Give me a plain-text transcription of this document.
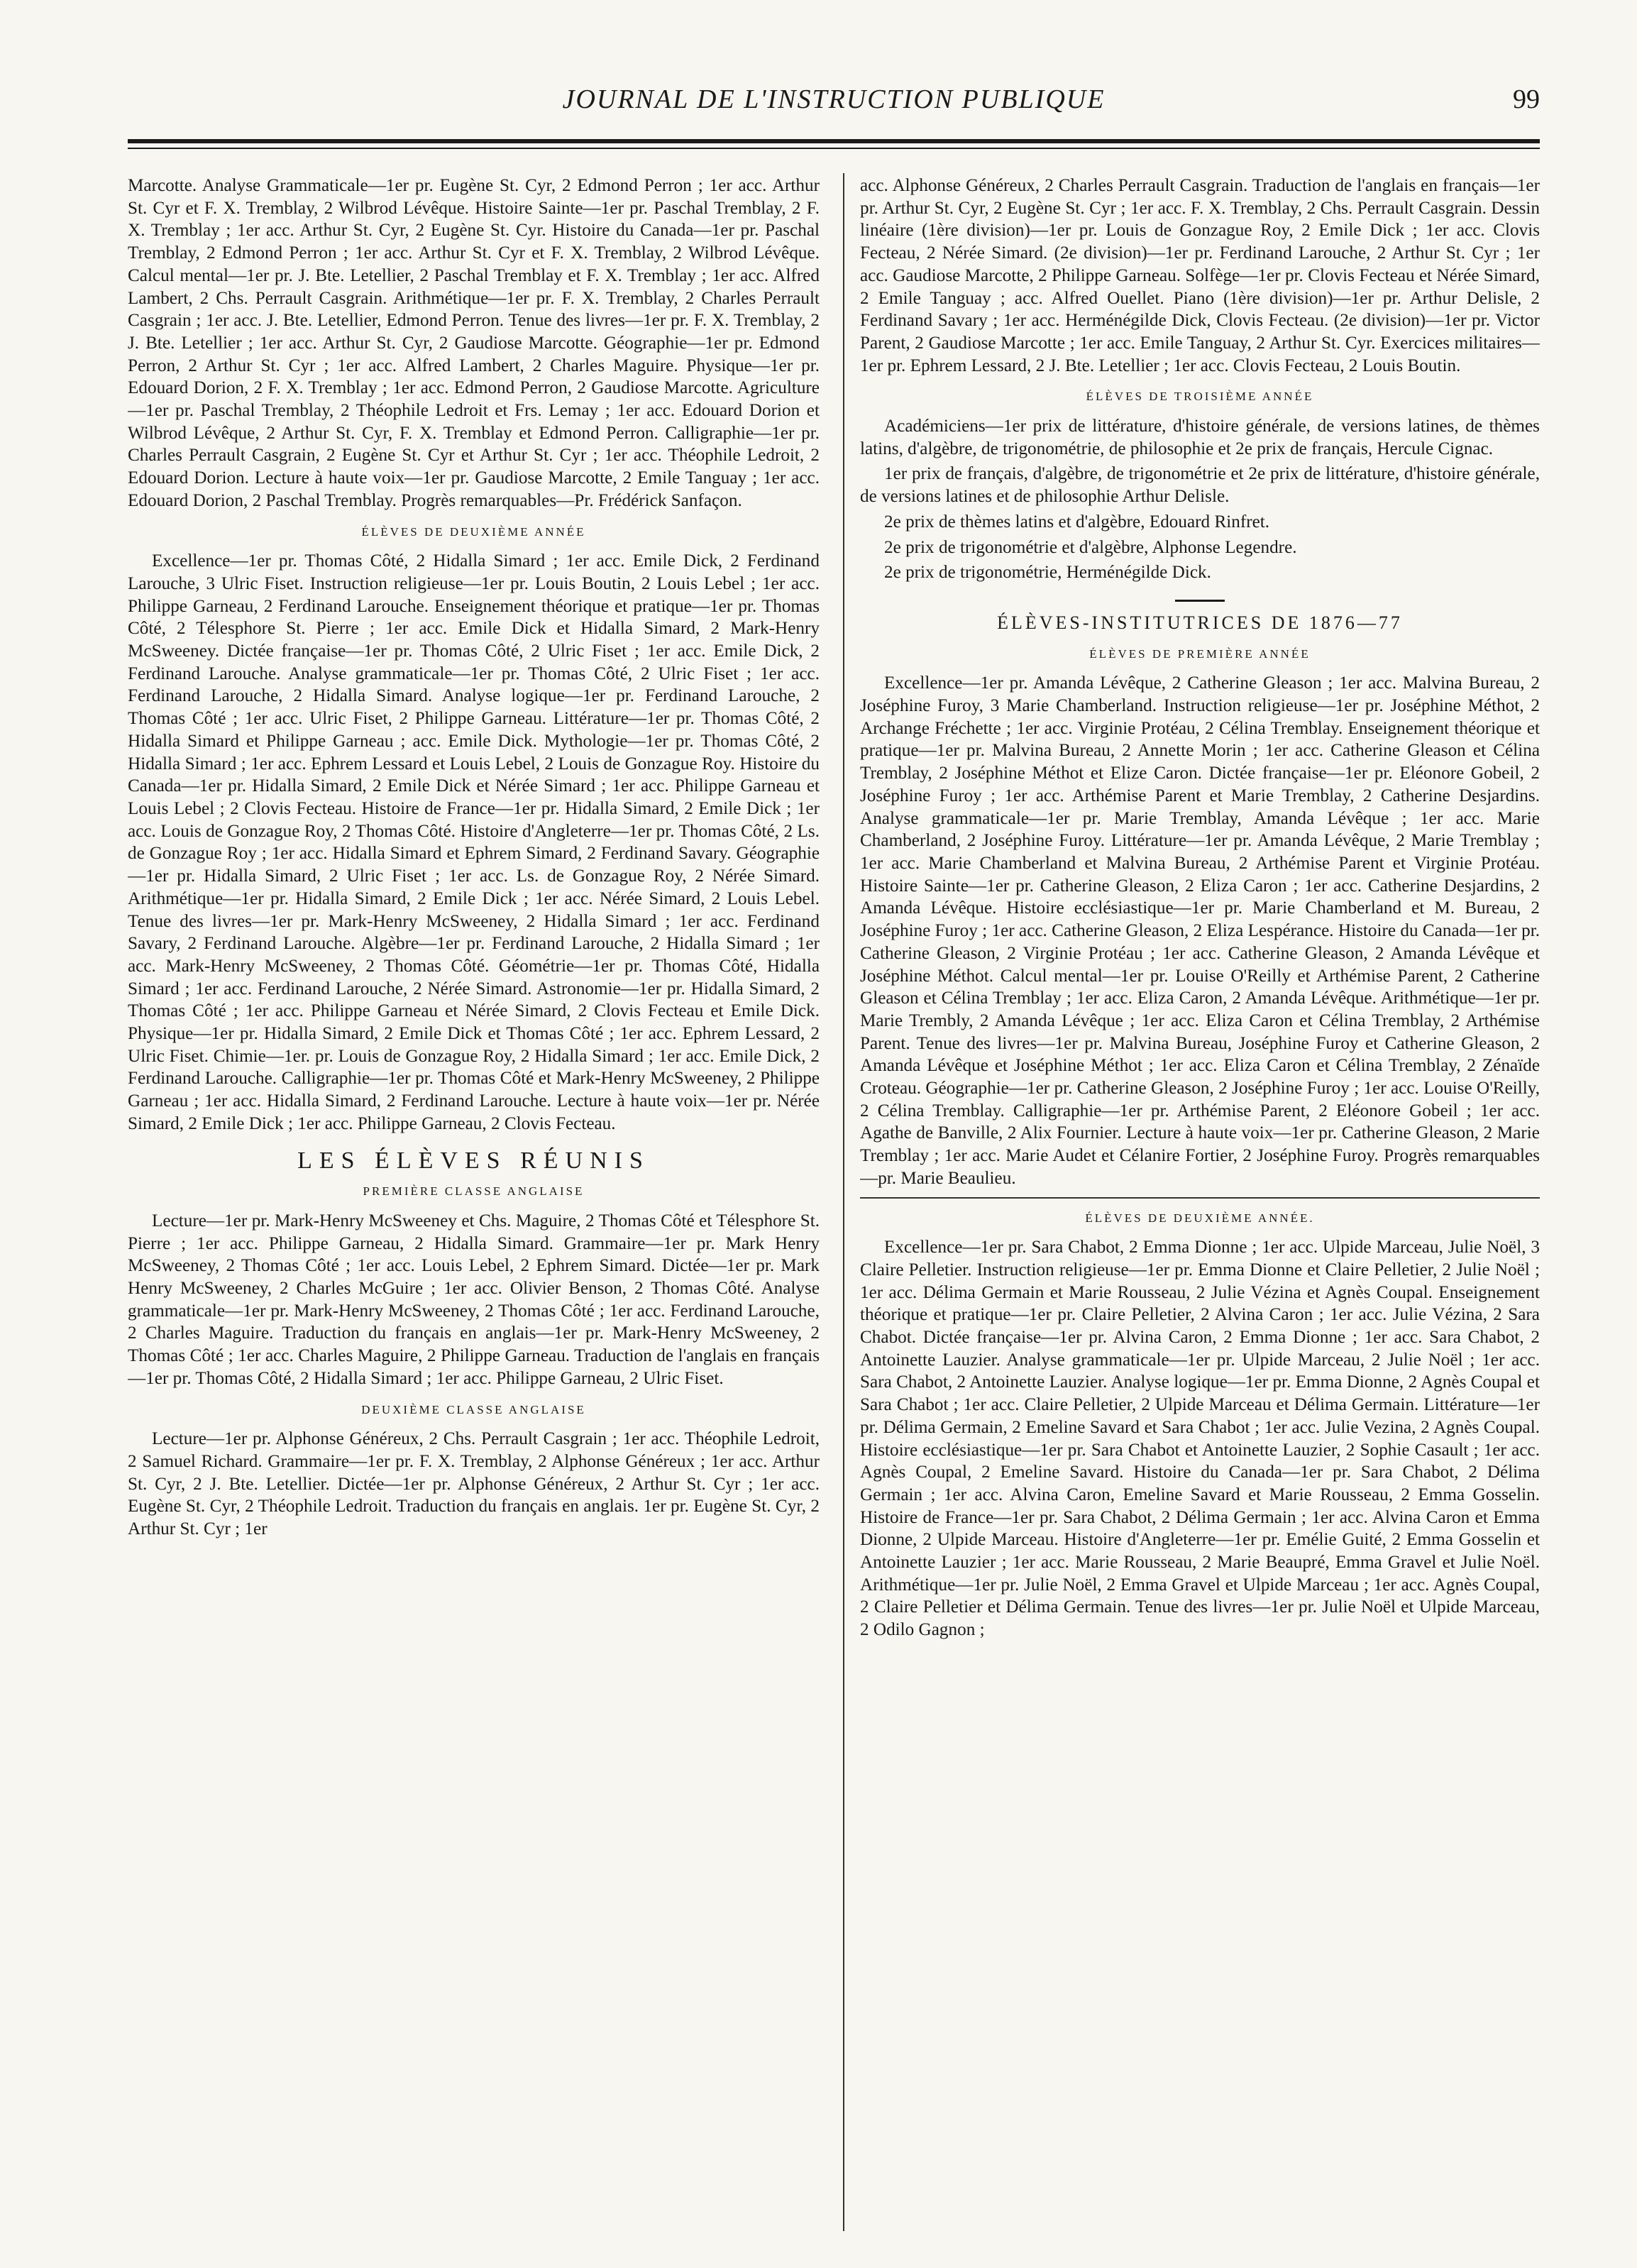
JOURNAL DE L'INSTRUCTION PUBLIQUE	99

Marcotte. Analyse Grammaticale—1er pr. Eugène St. Cyr, 2 Edmond Perron ; 1er acc. Arthur St. Cyr et F. X. Tremblay, 2 Wilbrod Lévêque. Histoire Sainte—1er pr. Paschal Tremblay, 2 F. X. Tremblay ; 1er acc. Arthur St. Cyr, 2 Eugène St. Cyr. Histoire du Canada—1er pr. Paschal Tremblay, 2 Edmond Perron ; 1er acc. Arthur St. Cyr et F. X. Tremblay, 2 Wilbrod Lévêque. Calcul mental—1er pr. J. Bte. Letellier, 2 Paschal Tremblay et F. X. Tremblay ; 1er acc. Alfred Lambert, 2 Chs. Perrault Casgrain. Arithmétique—1er pr. F. X. Tremblay, 2 Charles Perrault Casgrain ; 1er acc. J. Bte. Letellier, Edmond Perron. Tenue des livres—1er pr. F. X. Tremblay, 2 J. Bte. Letellier ; 1er acc. Arthur St. Cyr, 2 Gaudiose Marcotte. Géographie—1er pr. Edmond Perron, 2 Arthur St. Cyr ; 1er acc. Alfred Lambert, 2 Charles Maguire. Physique—1er pr. Edouard Dorion, 2 F. X. Tremblay ; 1er acc. Edmond Perron, 2 Gaudiose Marcotte. Agriculture—1er pr. Paschal Tremblay, 2 Théophile Ledroit et Frs. Lemay ; 1er acc. Edouard Dorion et Wilbrod Lévêque, 2 Arthur St. Cyr, F. X. Tremblay et Edmond Perron. Calligraphie—1er pr. Charles Perrault Casgrain, 2 Eugène St. Cyr et Arthur St. Cyr ; 1er acc. Théophile Ledroit, 2 Edouard Dorion. Lecture à haute voix—1er pr. Gaudiose Marcotte, 2 Emile Tanguay ; 1er acc. Edouard Dorion, 2 Paschal Tremblay. Progrès remarquables—Pr. Frédérick Sanfaçon.

ÉLÈVES DE DEUXIÈME ANNÉE

Excellence—1er pr. Thomas Côté, 2 Hidalla Simard ; 1er acc. Emile Dick, 2 Ferdinand Larouche, 3 Ulric Fiset. Instruction religieuse—1er pr. Louis Boutin, 2 Louis Lebel ; 1er acc. Philippe Garneau, 2 Ferdinand Larouche. Enseignement théorique et pratique—1er pr. Thomas Côté, 2 Télesphore St. Pierre ; 1er acc. Emile Dick et Hidalla Simard, 2 Mark-Henry McSweeney. Dictée française—1er pr. Thomas Côté, 2 Ulric Fiset ; 1er acc. Emile Dick, 2 Ferdinand Larouche. Analyse grammaticale—1er pr. Thomas Côté, 2 Ulric Fiset ; 1er acc. Ferdinand Larouche, 2 Hidalla Simard. Analyse logique—1er pr. Ferdinand Larouche, 2 Thomas Côté ; 1er acc. Ulric Fiset, 2 Philippe Garneau. Littérature—1er pr. Thomas Côté, 2 Hidalla Simard et Philippe Garneau ; acc. Emile Dick. Mythologie—1er pr. Thomas Côté, 2 Hidalla Simard ; 1er acc. Ephrem Lessard et Louis Lebel, 2 Louis de Gonzague Roy. Histoire du Canada—1er pr. Hidalla Simard, 2 Emile Dick et Nérée Simard ; 1er acc. Philippe Garneau et Louis Lebel ; 2 Clovis Fecteau. Histoire de France—1er pr. Hidalla Simard, 2 Emile Dick ; 1er acc. Louis de Gonzague Roy, 2 Thomas Côté. Histoire d'Angleterre—1er pr. Thomas Côté, 2 Ls. de Gonzague Roy ; 1er acc. Hidalla Simard et Ephrem Simard, 2 Ferdinand Savary. Géographie—1er pr. Hidalla Simard, 2 Ulric Fiset ; 1er acc. Ls. de Gonzague Roy, 2 Nérée Simard. Arithmétique—1er pr. Hidalla Simard, 2 Emile Dick ; 1er acc. Nérée Simard, 2 Louis Lebel. Tenue des livres—1er pr. Mark-Henry McSweeney, 2 Hidalla Simard ; 1er acc. Ferdinand Savary, 2 Ferdinand Larouche. Algèbre—1er pr. Ferdinand Larouche, 2 Hidalla Simard ; 1er acc. Mark-Henry McSweeney, 2 Thomas Côté. Géométrie—1er pr. Thomas Côté, Hidalla Simard ; 1er acc. Ferdinand Larouche, 2 Nérée Simard. Astronomie—1er pr. Hidalla Simard, 2 Thomas Côté ; 1er acc. Philippe Garneau et Nérée Simard, 2 Clovis Fecteau et Emile Dick. Physique—1er pr. Hidalla Simard, 2 Emile Dick et Thomas Côté ; 1er acc. Ephrem Lessard, 2 Ulric Fiset. Chimie—1er. pr. Louis de Gonzague Roy, 2 Hidalla Simard ; 1er acc. Emile Dick, 2 Ferdinand Larouche. Calligraphie—1er pr. Thomas Côté et Mark-Henry McSweeney, 2 Philippe Garneau ; 1er acc. Hidalla Simard, 2 Ferdinand Larouche. Lecture à haute voix—1er pr. Nérée Simard, 2 Emile Dick ; 1er acc. Philippe Garneau, 2 Clovis Fecteau.

LES ÉLÈVES RÉUNIS
PREMIÈRE CLASSE ANGLAISE

Lecture—1er pr. Mark-Henry McSweeney et Chs. Maguire, 2 Thomas Côté et Télesphore St. Pierre ; 1er acc. Philippe Garneau, 2 Hidalla Simard. Grammaire—1er pr. Mark Henry McSweeney, 2 Thomas Côté ; 1er acc. Louis Lebel, 2 Ephrem Simard. Dictée—1er pr. Mark Henry McSweeney, 2 Charles McGuire ; 1er acc. Olivier Benson, 2 Thomas Côté. Analyse grammaticale—1er pr. Mark-Henry McSweeney, 2 Thomas Côté ; 1er acc. Ferdinand Larouche, 2 Charles Maguire. Traduction du français en anglais—1er pr. Mark-Henry McSweeney, 2 Thomas Côté ; 1er acc. Charles Maguire, 2 Philippe Garneau. Traduction de l'anglais en français—1er pr. Thomas Côté, 2 Hidalla Simard ; 1er acc. Philippe Garneau, 2 Ulric Fiset.

DEUXIÈME CLASSE ANGLAISE

Lecture—1er pr. Alphonse Généreux, 2 Chs. Perrault Casgrain ; 1er acc. Théophile Ledroit, 2 Samuel Richard. Grammaire—1er pr. F. X. Tremblay, 2 Alphonse Généreux ; 1er acc. Arthur St. Cyr, 2 J. Bte. Letellier. Dictée—1er pr. Alphonse Généreux, 2 Arthur St. Cyr ; 1er acc. Eugène St. Cyr, 2 Théophile Ledroit. Traduction du français en anglais. 1er pr. Eugène St. Cyr, 2 Arthur St. Cyr ; 1er

acc. Alphonse Généreux, 2 Charles Perrault Casgrain. Traduction de l'anglais en français—1er pr. Arthur St. Cyr, 2 Eugène St. Cyr ; 1er acc. F. X. Tremblay, 2 Chs. Perrault Casgrain. Dessin linéaire (1ère division)—1er pr. Louis de Gonzague Roy, 2 Emile Dick ; 1er acc. Clovis Fecteau, 2 Nérée Simard. (2e division)—1er pr. Ferdinand Larouche, 2 Arthur St. Cyr ; 1er acc. Gaudiose Marcotte, 2 Philippe Garneau. Solfège—1er pr. Clovis Fecteau et Nérée Simard, 2 Emile Tanguay ; acc. Alfred Ouellet. Piano (1ère division)—1er pr. Arthur Delisle, 2 Ferdinand Savary ; 1er acc. Herménégilde Dick, Clovis Fecteau. (2e division)—1er pr. Victor Parent, 2 Gaudiose Marcotte ; 1er acc. Emile Tanguay, 2 Arthur St. Cyr. Exercices militaires—1er pr. Ephrem Lessard, 2 J. Bte. Letellier ; 1er acc. Clovis Fecteau, 2 Louis Boutin.

ÉLÈVES DE TROISIÈME ANNÉE

Académiciens—1er prix de littérature, d'histoire générale, de versions latines, de thèmes latins, d'algèbre, de trigonométrie, de philosophie et 2e prix de français, Hercule Cignac.

1er prix de français, d'algèbre, de trigonométrie et 2e prix de littérature, d'histoire générale, de versions latines et de philosophie Arthur Delisle.

2e prix de thèmes latins et d'algèbre, Edouard Rinfret.

2e prix de trigonométrie et d'algèbre, Alphonse Legendre.

2e prix de trigonométrie, Herménégilde Dick.

ÉLÈVES-INSTITUTRICES DE 1876—77
ÉLÈVES DE PREMIÈRE ANNÉE

Excellence—1er pr. Amanda Lévêque, 2 Catherine Gleason ; 1er acc. Malvina Bureau, 2 Joséphine Furoy, 3 Marie Chamberland. Instruction religieuse—1er pr. Joséphine Méthot, 2 Archange Fréchette ; 1er acc. Virginie Protéau, 2 Célina Tremblay. Enseignement théorique et pratique—1er pr. Malvina Bureau, 2 Annette Morin ; 1er acc. Catherine Gleason et Célina Tremblay, 2 Joséphine Méthot et Elize Caron. Dictée française—1er pr. Eléonore Gobeil, 2 Joséphine Furoy ; 1er acc. Arthémise Parent et Marie Tremblay, 2 Catherine Desjardins. Analyse grammaticale—1er pr. Marie Tremblay, Amanda Lévêque ; 1er acc. Marie Chamberland, 2 Joséphine Furoy. Littérature—1er pr. Amanda Lévêque, 2 Marie Tremblay ; 1er acc. Marie Chamberland et Malvina Bureau, 2 Arthémise Parent et Virginie Protéau. Histoire Sainte—1er pr. Catherine Gleason, 2 Eliza Caron ; 1er acc. Catherine Desjardins, 2 Amanda Lévêque. Histoire ecclésiastique—1er pr. Marie Chamberland et M. Bureau, 2 Joséphine Furoy ; 1er acc. Catherine Gleason, 2 Eliza Lespérance. Histoire du Canada—1er pr. Catherine Gleason, 2 Virginie Protéau ; 1er acc. Catherine Gleason, 2 Amanda Lévêque et Joséphine Méthot. Calcul mental—1er pr. Louise O'Reilly et Arthémise Parent, 2 Catherine Gleason et Célina Tremblay ; 1er acc. Eliza Caron, 2 Amanda Lévêque. Arithmétique—1er pr. Marie Trembly, 2 Amanda Lévêque ; 1er acc. Eliza Caron et Célina Tremblay, 2 Arthémise Parent. Tenue des livres—1er pr. Malvina Bureau, Joséphine Furoy et Catherine Gleason, 2 Amanda Lévêque et Joséphine Méthot ; 1er acc. Eliza Caron et Célina Tremblay, 2 Zénaïde Croteau. Géographie—1er pr. Catherine Gleason, 2 Joséphine Furoy ; 1er acc. Louise O'Reilly, 2 Célina Tremblay. Calligraphie—1er pr. Arthémise Parent, 2 Eléonore Gobeil ; 1er acc. Agathe de Banville, 2 Alix Fournier. Lecture à haute voix—1er pr. Catherine Gleason, 2 Marie Tremblay ; 1er acc. Marie Audet et Célanire Fortier, 2 Joséphine Furoy. Progrès remarquables—pr. Marie Beaulieu.

ÉLÈVES DE DEUXIÈME ANNÉE.

Excellence—1er pr. Sara Chabot, 2 Emma Dionne ; 1er acc. Ulpide Marceau, Julie Noël, 3 Claire Pelletier. Instruction religieuse—1er pr. Emma Dionne et Claire Pelletier, 2 Julie Noël ; 1er acc. Délima Germain et Marie Rousseau, 2 Julie Vézina et Agnès Coupal. Enseignement théorique et pratique—1er pr. Claire Pelletier, 2 Alvina Caron ; 1er acc. Julie Vézina, 2 Sara Chabot. Dictée française—1er pr. Alvina Caron, 2 Emma Dionne ; 1er acc. Sara Chabot, 2 Antoinette Lauzier. Analyse grammaticale—1er pr. Ulpide Marceau, 2 Julie Noël ; 1er acc. Sara Chabot, 2 Antoinette Lauzier. Analyse logique—1er pr. Emma Dionne, 2 Agnès Coupal et Sara Chabot ; 1er acc. Claire Pelletier, 2 Ulpide Marceau et Délima Germain. Littérature—1er pr. Délima Germain, 2 Emeline Savard et Sara Chabot ; 1er acc. Julie Vezina, 2 Agnès Coupal. Histoire ecclésiastique—1er pr. Sara Chabot et Antoinette Lauzier, 2 Sophie Casault ; 1er acc. Agnès Coupal, 2 Emeline Savard. Histoire du Canada—1er pr. Sara Chabot, 2 Délima Germain ; 1er acc. Alvina Caron, Emeline Savard et Marie Rousseau, 2 Emma Gosselin. Histoire de France—1er pr. Sara Chabot, 2 Délima Germain ; 1er acc. Alvina Caron et Emma Dionne, 2 Ulpide Marceau. Histoire d'Angleterre—1er pr. Emélie Guité, 2 Emma Gosselin et Antoinette Lauzier ; 1er acc. Marie Rousseau, 2 Marie Beaupré, Emma Gravel et Julie Noël. Arithmétique—1er pr. Julie Noël, 2 Emma Gravel et Ulpide Marceau ; 1er acc. Agnès Coupal, 2 Claire Pelletier et Délima Germain. Tenue des livres—1er pr. Julie Noël et Ulpide Marceau, 2 Odilo Gagnon ;
